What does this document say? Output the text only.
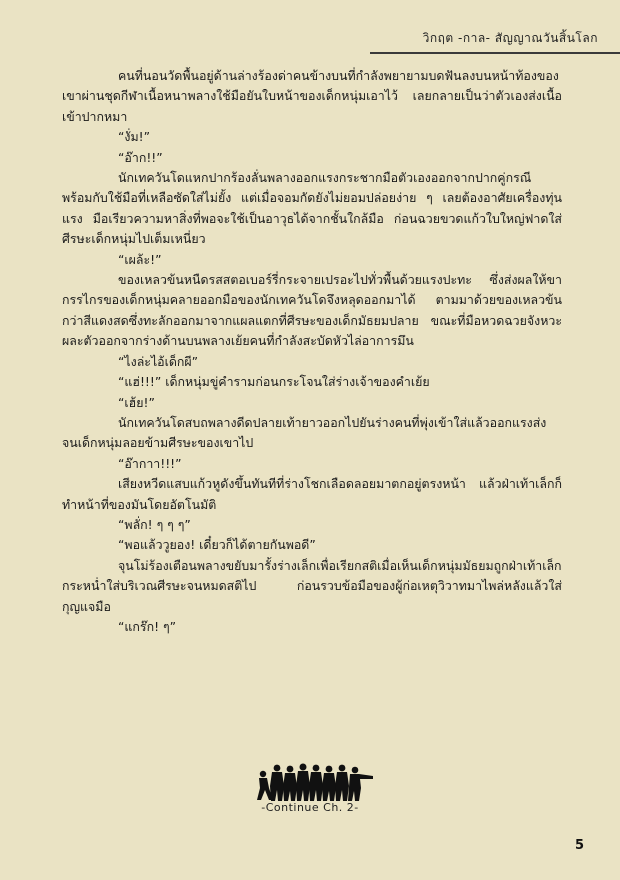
วิกฤต -กาล- สัญญาณวันสิ้นโลก

คนที่นอนวัดพื้นอยู่ด้านล่างร้องด่าคนข้างบนที่กำลังพยายามบดฟันลงบนหน้าท้องของเขาผ่านชุดกีฬาเนื้อหนาพลางใช้มือยันใบหน้าของเด็กหนุ่มเอาไว้ เลยกลายเป็นว่าตัวเองส่งเนื้อเข้าปากหมา

“งั่ม!”

“อ๊าก!!”

นักเทควันโดแหกปากร้องลั่นพลางออกแรงกระชากมือตัวเองออกจากปากคู่กรณี พร้อมกับใช้มือที่เหลือซัดใส่ไม่ยั้ง แต่เมื่อจอมกัดยังไม่ยอมปล่อยง่าย ๆ เลยต้องอาศัยเครื่องทุ่นแรง มือเรียวความหาสิ่งที่พอจะใช้เป็นอาวุธได้จากชั้นใกล้มือ ก่อนฉวยขวดแก้วใบใหญ่ฟาดใส่ศีรษะเด็กหนุ่มไปเต็มเหนี่ยว

“เผล้ะ!”

ของเหลวข้นหนืดรสสตอเบอร์รี่กระจายเปรอะไปทั่วพื้นด้วยแรงปะทะ ซึ่งส่งผลให้ขากรรไกรของเด็กหนุ่มคลายออกมือของนักเทควันโดจึงหลุดออกมาได้ ตามมาด้วยของเหลวข้นกว่าสีแดงสดซึ่งทะลักออกมาจากแผลแตกที่ศีรษะของเด็กมัธยมปลาย ขณะที่มือหวดฉวยจังหวะผละตัวออกจากร่างด้านบนพลางเย้ยคนที่กำลังสะบัดหัวไล่อาการมึน

“ไงล่ะไอ้เด็กผี”

“แฮ่!!!” เด็กหนุ่มขู่คำรามก่อนกระโจนใส่ร่างเจ้าของคำเย้ย

“เฮ้ย!”

นักเทควันโดสบถพลางดีดปลายเท้ายาวออกไปยันร่างคนที่พุ่งเข้าใส่แล้วออกแรงส่งจนเด็กหนุ่มลอยข้ามศีรษะของเขาไป

“อ๊ากาา!!!”

เสียงหวีดแสบแก้วหูดังขึ้นทันทีที่ร่างโชกเลือดลอยมาตกอยู่ตรงหน้า แล้วฝ่าเท้าเล็กก็ทำหน้าที่ของมันโดยอัตโนมัติ

“พลั่ก! ๆ ๆ ๆ”

“พอแล้ววูยอง! เดี๋ยวก็ได้ตายกันพอดี”

จุนโม่ร้องเตือนพลางขยับมารั้งร่างเล็กเพื่อเรียกสติเมื่อเห็นเด็กหนุ่มมัธยมถูกฝ่าเท้าเล็กกระหน่ำใส่บริเวณศีรษะจนหมดสติไป ก่อนรวบข้อมือของผู้ก่อเหตุวิวาทมาไพล่หลังแล้วใส่กุญแจมือ

“แกร๊ก! ๆ”

-Continue Ch. 2-
5
